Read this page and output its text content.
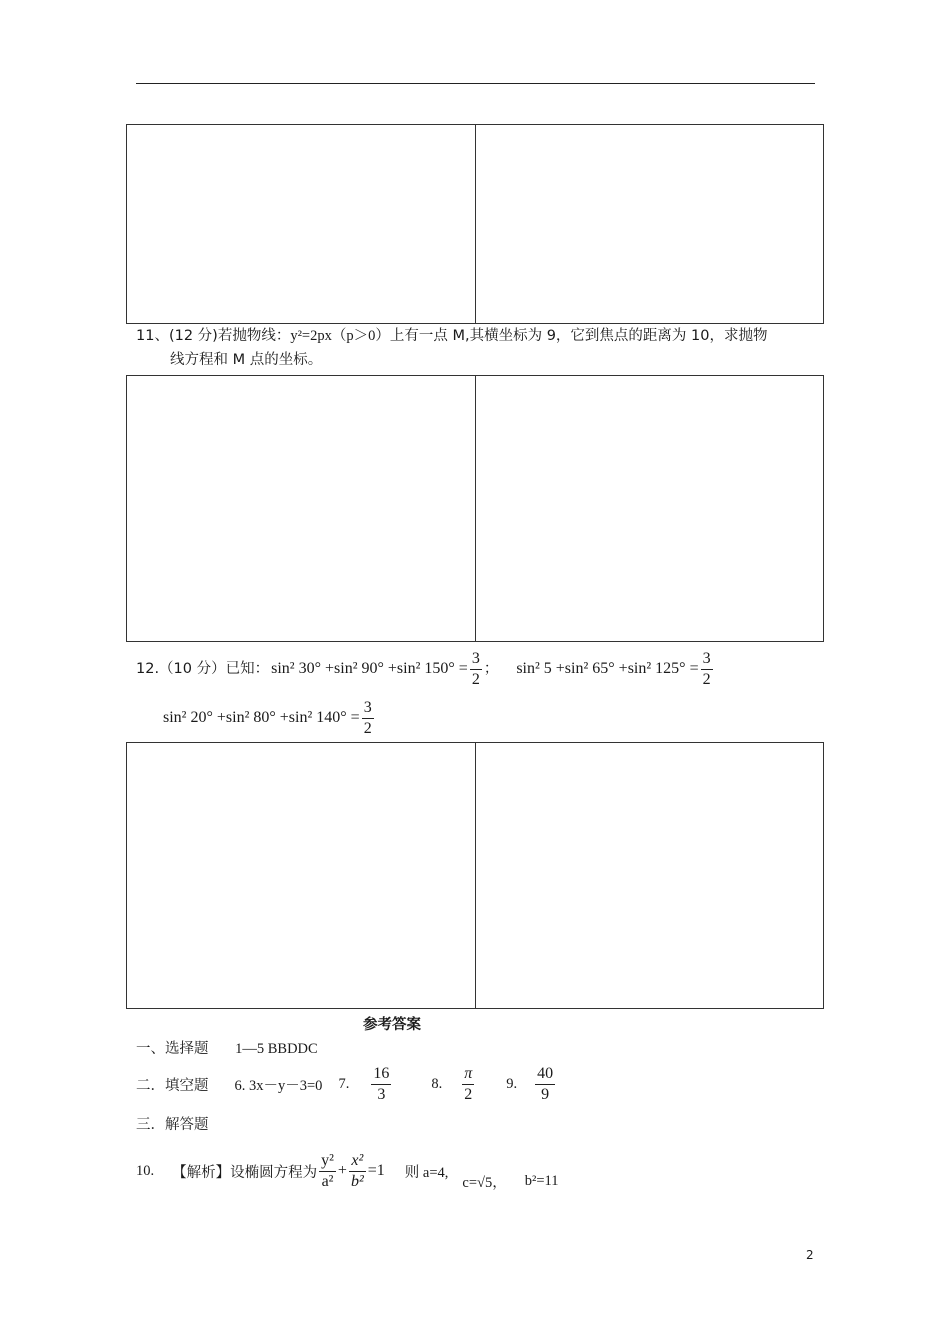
11、(12 分)若抛物线：y²=2px（p＞0）上有一点 M,其横坐标为 9，它到焦点的距离为 10，求抛物
线方程和 M 点的坐标。
12.（10 分）已知： sin² 30° +sin² 90° +sin² $150^\circ = \frac{3}{2}$ ； sin² 5 +sin² 65° +sin² $125^\circ = \frac{3}{2}$
sin² 20°
+sin² 80°
+sin² $140^\circ = \frac{3}{2}$
参考答案
一、选择题 1—5 BBDDC
二．填空题 6. 3x－y－3=0 7. $\frac{16}{3}$	8. $\frac{\pi}{2} 9$. $\frac{40}{9}$
三．解答题
10. 【解析】设椭圆方程为 $\frac{\text{y²}}{\text{a²}} + \frac{\text{x²}}{\text{b²}} =1$ 则 a=4,
c=√5， b²=11
2
